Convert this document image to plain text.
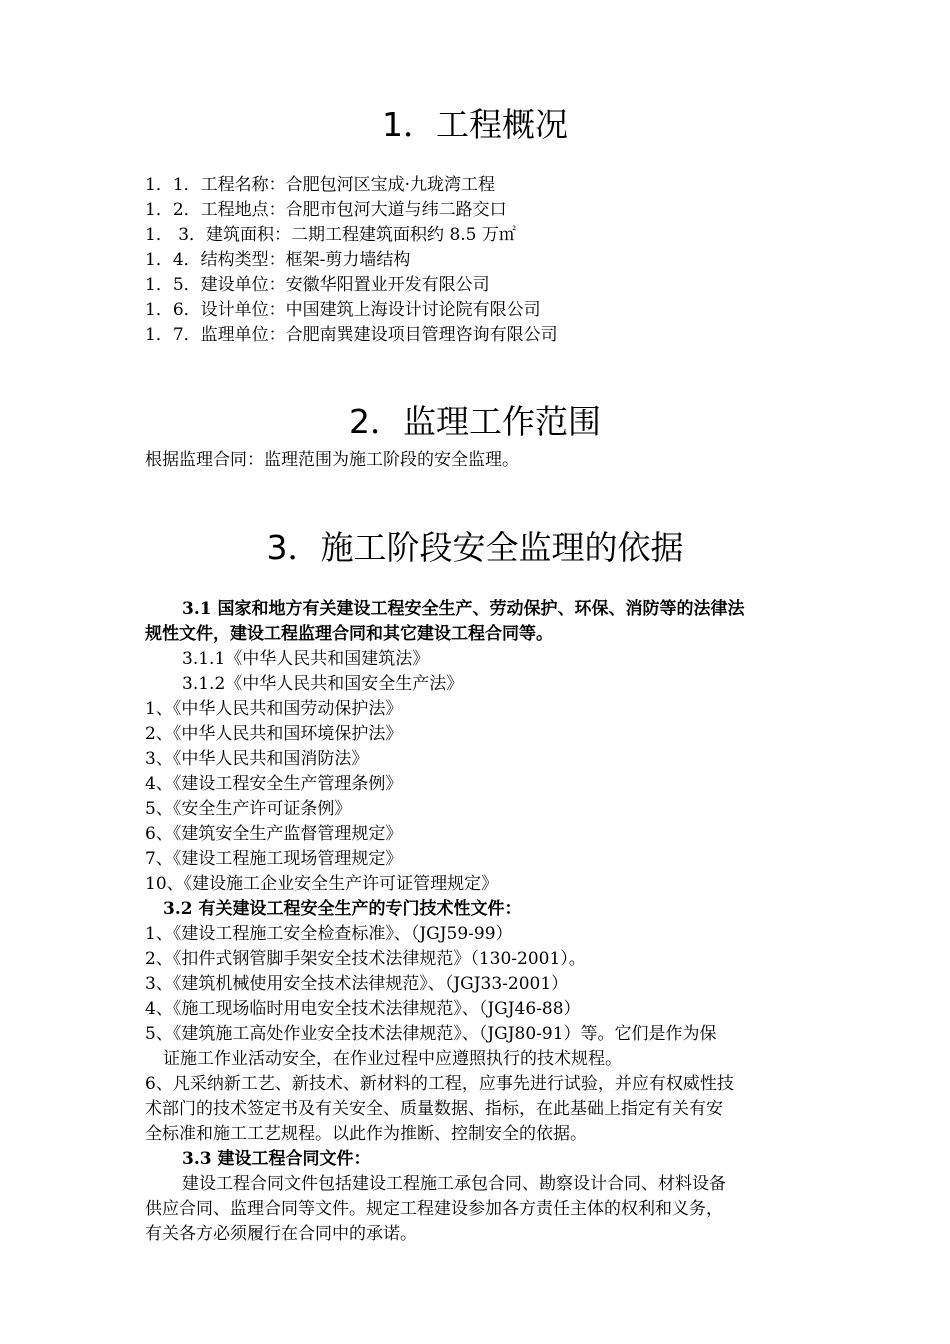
1．工程概况
1．1．工程名称：合肥包河区宝成·九珑湾工程
1．2．工程地点：合肥市包河大道与纬二路交口
1． 3．建筑面积：二期工程建筑面积约 8.5 万㎡
1．4．结构类型：框架-剪力墙结构
1．5．建设单位：安徽华阳置业开发有限公司
1．6．设计单位：中国建筑上海设计讨论院有限公司
1．7．监理单位：合肥南巽建设项目管理咨询有限公司
2．监理工作范围
根据监理合同：监理范围为施工阶段的安全监理。
3．施工阶段安全监理的依据
3.1 国家和地方有关建设工程安全生产、劳动保护、环保、消防等的法律法
规性文件，建设工程监理合同和其它建设工程合同等。
3.1.1《中华人民共和国建筑法》
3.1.2《中华人民共和国安全生产法》
1、《中华人民共和国劳动保护法》
2、《中华人民共和国环境保护法》
3、《中华人民共和国消防法》
4、《建设工程安全生产管理条例》
5、《安全生产许可证条例》
6、《建筑安全生产监督管理规定》
7、《建设工程施工现场管理规定》
10、《建设施工企业安全生产许可证管理规定》
3.2 有关建设工程安全生产的专门技术性文件：
1、《建设工程施工安全检查标准》、（JGJ59-99）
2、《扣件式钢管脚手架安全技术法律规范》（130-2001）。
3、《建筑机械使用安全技术法律规范》、（JGJ33-2001）
4、《施工现场临时用电安全技术法律规范》、（JGJ46-88）
5、《建筑施工高处作业安全技术法律规范》、（JGJ80-91）等。它们是作为保
证施工作业活动安全，在作业过程中应遵照执行的技术规程。
6、凡采纳新工艺、新技术、新材料的工程，应事先进行试验，并应有权威性技
术部门的技术签定书及有关安全、质量数据、指标，在此基础上指定有关有安
全标准和施工工艺规程。以此作为推断、控制安全的依据。
3.3 建设工程合同文件：
建设工程合同文件包括建设工程施工承包合同、勘察设计合同、材料设备
供应合同、监理合同等文件。规定工程建设参加各方责任主体的权利和义务，
有关各方必须履行在合同中的承诺。
